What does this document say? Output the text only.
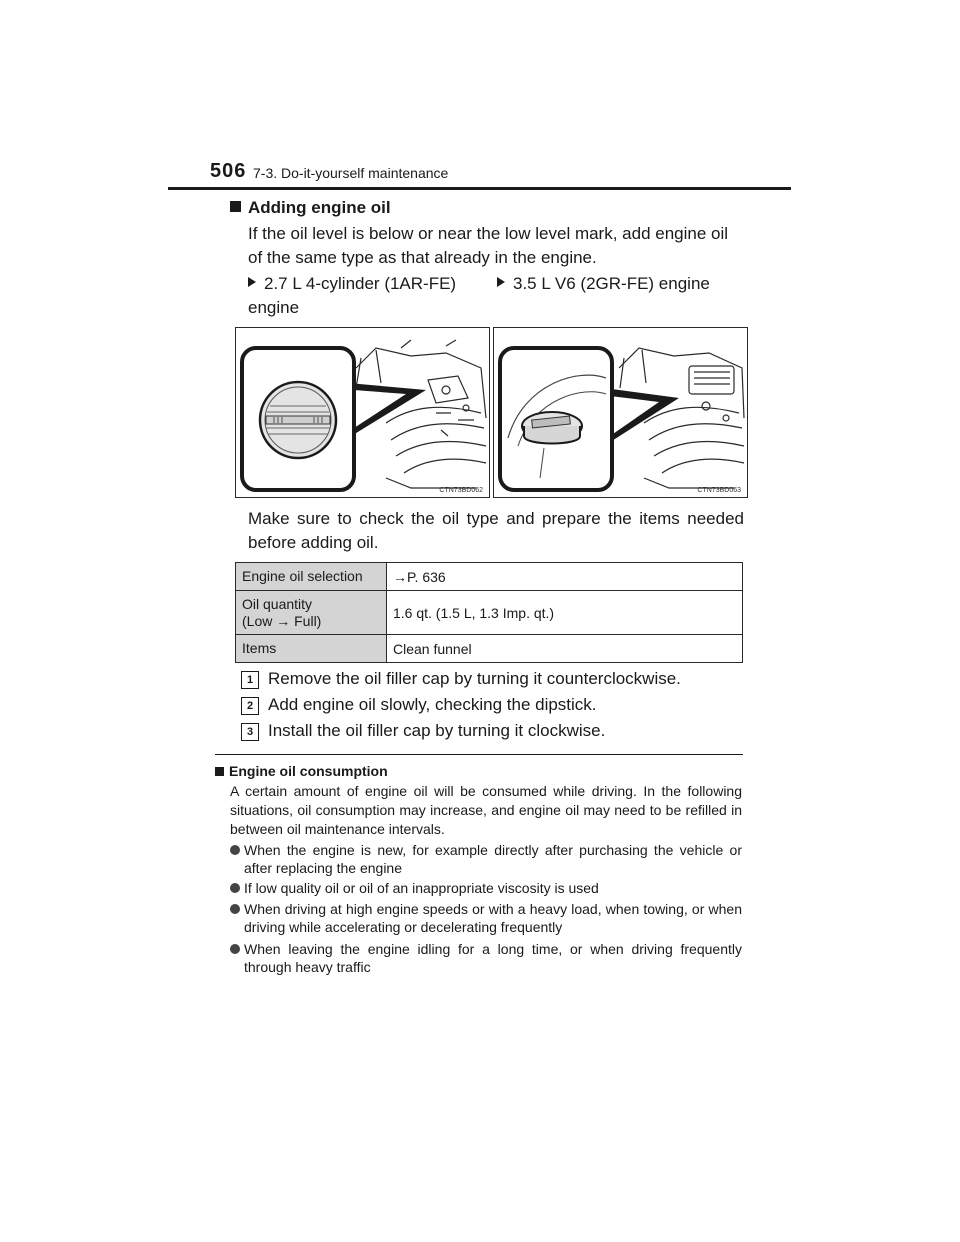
506 7-3. Do-it-yourself maintenance
Adding engine oil
If the oil level is below or near the low level mark, add engine oil of the same type as that already in the engine.
2.7 L 4-cylinder (1AR-FE) engine
3.5 L V6 (2GR-FE) engine
CTN73BD062	CTN73BD063
Make sure to check the oil type and prepare the items needed before adding oil.
Engine oil selection	→P. 636

Oil quantity
(Low → Full)	1.6 qt. (1.5 L, 1.3 Imp. qt.)

Items	Clean funnel
1 Remove the oil filler cap by turning it counterclockwise.
2 Add engine oil slowly, checking the dipstick.
3 Install the oil filler cap by turning it clockwise.
Engine oil consumption
A certain amount of engine oil will be consumed while driving. In the following situations, oil consumption may increase, and engine oil may need to be refilled in between oil maintenance intervals.
When the engine is new, for example directly after purchasing the vehicle or after replacing the engine
If low quality oil or oil of an inappropriate viscosity is used
When driving at high engine speeds or with a heavy load, when towing, or when driving while accelerating or decelerating frequently
When leaving the engine idling for a long time, or when driving frequently through heavy traffic
